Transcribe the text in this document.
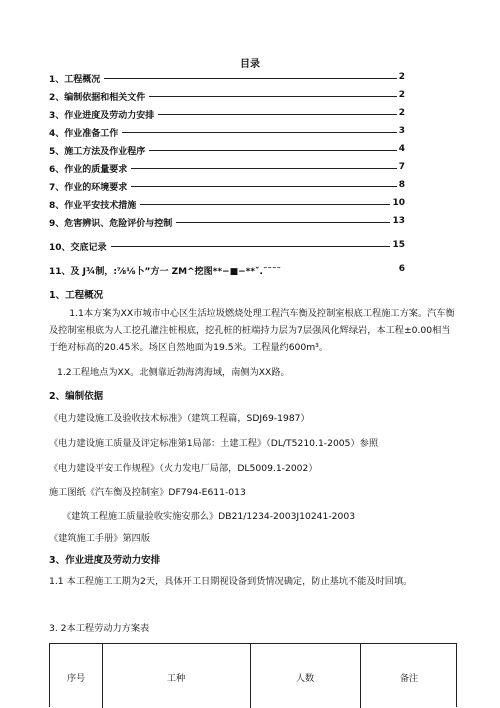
目录
1、工程概况	2
2、编制依据和相关文件	2
3、作业进度及劳动力安排	2
4、作业准备工作	3
5、施工方法及作业程序	4
6、作业的质量要求	7
7、作业的环境要求	8
8、作业平安技术措施	10
9、危害辨识、危险评价与控制	13
10、交底记录	15
11、及 J¾制，:⅞⅛卜”方一 ZM^挖图**−■−**ˇ.˜˜˜˜	6
1、工程概况
1.1本方案为XX市城市中心区生活垃圾燃烧处理工程汽车衡及控制室根底工程施工方案。汽车衡及控制室根底为人工挖孔灌注桩根底，挖孔桩的桩端持力层为7层强风化辉绿岩，本工程±0.00相当于绝对标高的20.45米。场区自然地面为19.5米。工程量约600m³。
1.2工程地点为XX。北侧靠近勃海湾海域，南侧为XX路。
2、编制依据
《电力建设施工及验收技术标准》（建筑工程篇，SDJ69-1987）
《电力建设施工质量及评定标准第1局部：土建工程》（DL/T5210.1-2005）参照
《电力建设平安工作规程》（火力发电厂局部，DL5009.1-2002）
施工图纸《汽车衡及控制室》DF794-E611-013
《建筑工程施工质量验收实施安那么》DB21/1234-2003J10241-2003
《建筑施工手册》第四版
3、作业进度及劳动力安排
1.1 本工程施工工期为2天，具体开工日期视设备到货情况确定，防止基坑不能及时回填。
3. 2本工程劳动力方案表
序号	工种	人数	备注
